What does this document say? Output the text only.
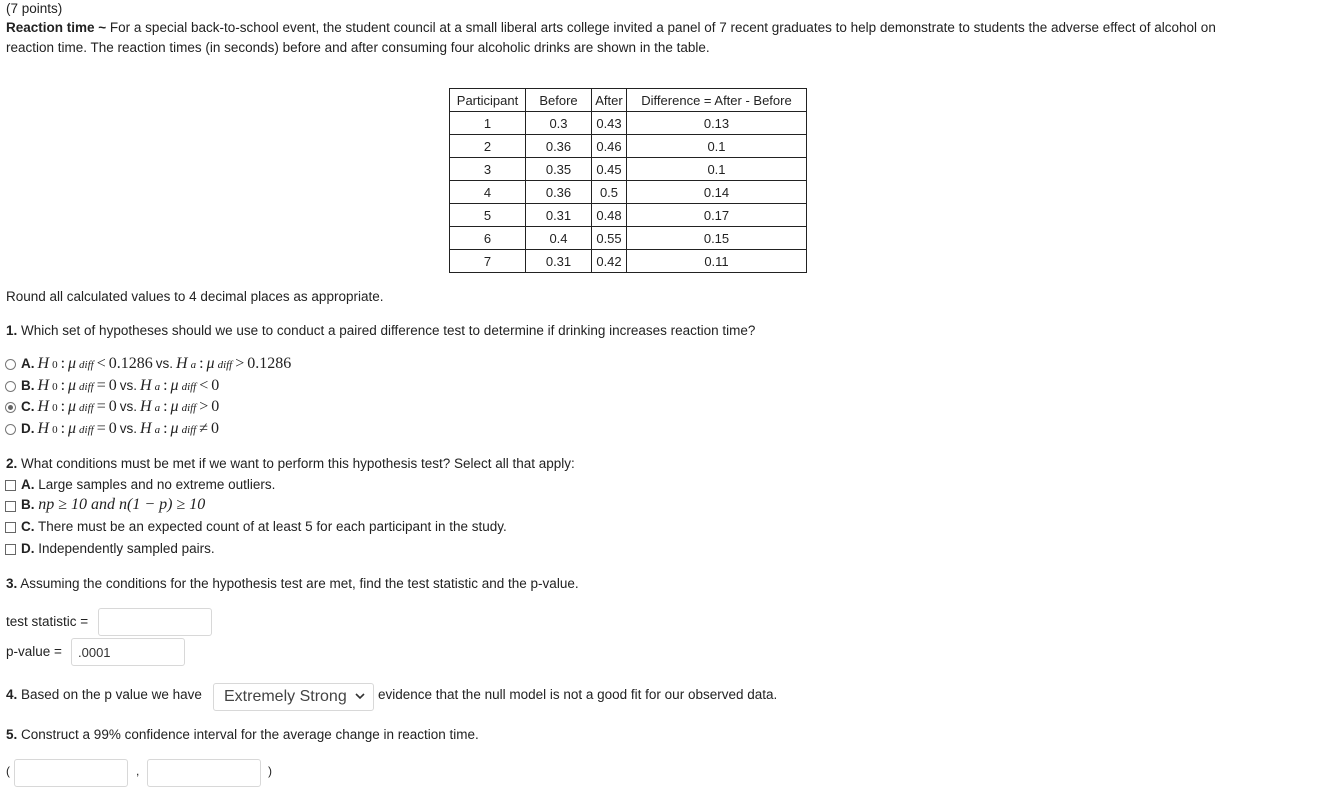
(7 points)
Reaction time ~ For a special back-to-school event, the student council at a small liberal arts college invited a panel of 7 recent graduates to help demonstrate to students the adverse effect of alcohol on
reaction time. The reaction times (in seconds) before and after consuming four alcoholic drinks are shown in the table.
Participant	Before	After	Difference = After - Before
1	0.3	0.43	0.13
2	0.36	0.46	0.1
3	0.35	0.45	0.1
4	0.36	0.5	0.14
5	0.31	0.48	0.17
6	0.4	0.55	0.15
7	0.31	0.42	0.11
Round all calculated values to 4 decimal places as appropriate.
1. Which set of hypotheses should we use to conduct a paired difference test to determine if drinking increases reaction time?
A. H 0 : μ diff < 0.1286 vs. H a : μ diff > 0.1286
B. H 0 : μ diff = 0 vs. H a : μ diff < 0
C. H 0 : μ diff = 0 vs. H a : μ diff > 0
D. H 0 : μ diff = 0 vs. H a : μ diff ≠ 0
2. What conditions must be met if we want to perform this hypothesis test? Select all that apply:
A. Large samples and no extreme outliers.
B. np ≥ 10 and n(1 − p) ≥ 10
C. There must be an expected count of at least 5 for each participant in the study.
D. Independently sampled pairs.
3. Assuming the conditions for the hypothesis test are met, find the test statistic and the p-value.
test statistic =
p-value =
.0001
4. Based on the p value we have Extremely Strong evidence that the null model is not a good fit for our observed data.
5. Construct a 99% confidence interval for the average change in reaction time.
(	,	)
